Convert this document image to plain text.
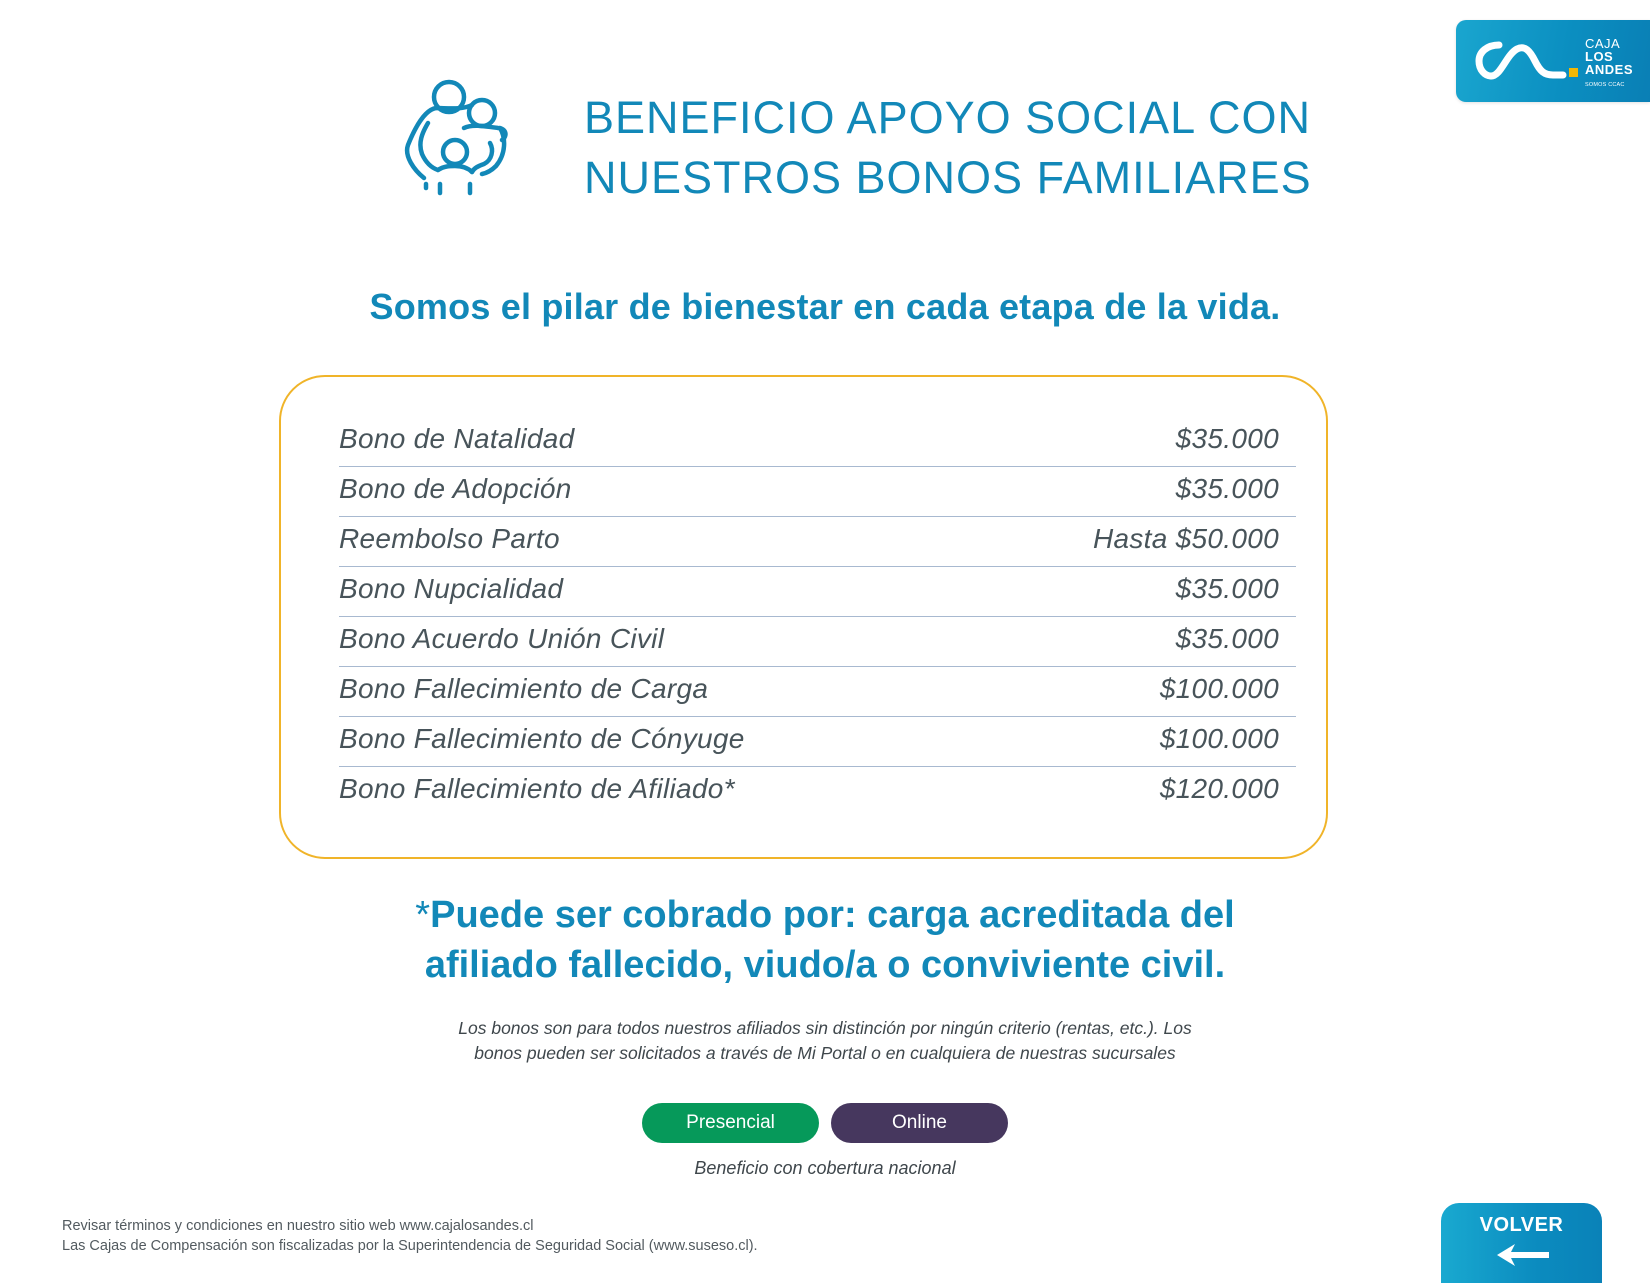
CAJA
LOS
ANDES
SOMOS CCAC
BENEFICIO APOYO SOCIAL CON
NUESTROS BONOS FAMILIARES
Somos el pilar de bienestar en cada etapa de la vida.
Bono de Natalidad	$35.000
Bono de Adopción	$35.000
Reembolso Parto	Hasta $50.000
Bono Nupcialidad	$35.000
Bono Acuerdo Unión Civil	$35.000
Bono Fallecimiento de Carga	$100.000
Bono Fallecimiento de Cónyuge	$100.000
Bono Fallecimiento de Afiliado*	$120.000
*Puede ser cobrado por: carga acreditada del
afiliado fallecido, viudo/a o conviviente civil.
Los bonos son para todos nuestros afiliados sin distinción por ningún criterio (rentas, etc.). Los
bonos pueden ser solicitados a través de Mi Portal o en cualquiera de nuestras sucursales
Presencial	Online
Beneficio con cobertura nacional
Revisar términos y condiciones en nuestro sitio web www.cajalosandes.cl
Las Cajas de Compensación son fiscalizadas por la Superintendencia de Seguridad Social (www.suseso.cl).
VOLVER
